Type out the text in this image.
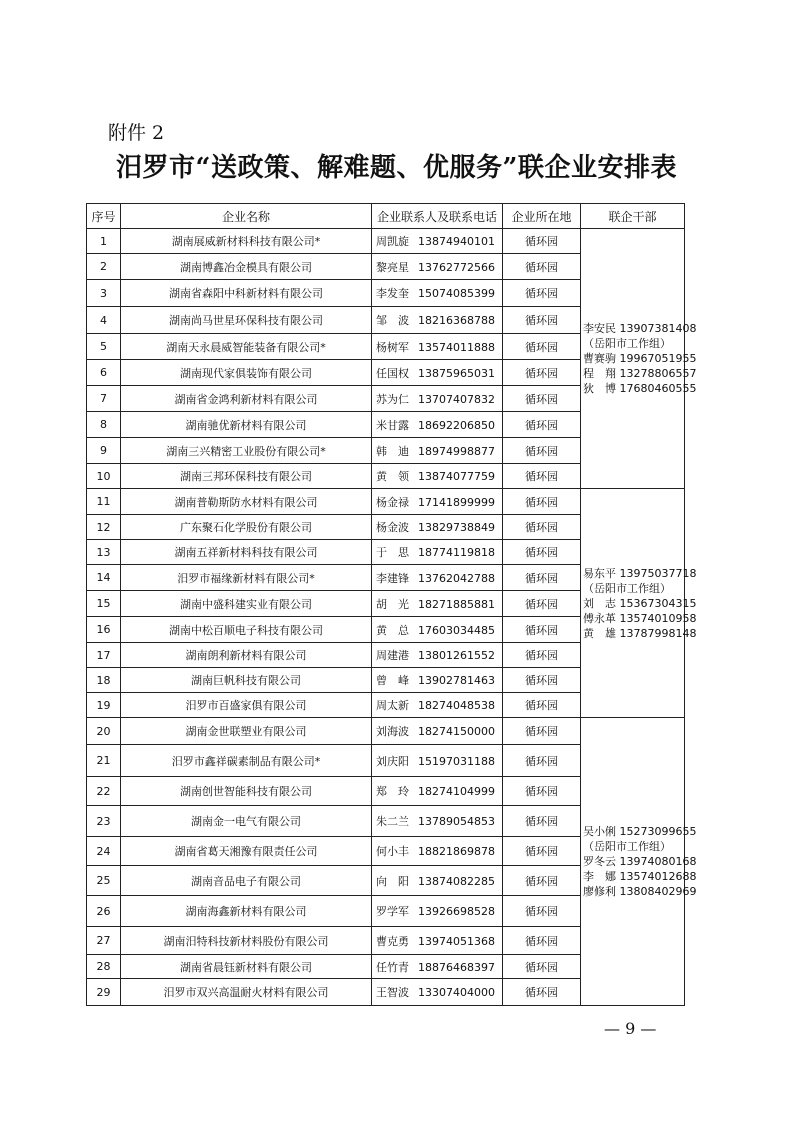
附件 2
汨罗市“送政策、解难题、优服务”联企业安排表
序号	企业名称	企业联系人及联系电话	企业所在地	联企干部
1	湖南展威新材料科技有限公司*	周凯旋 13874940101	循环园	李安民 13907381408
（岳阳市工作组）
曹赛驹 19967051955
程　翔 13278806557
狄　博 17680460555

2	湖南博鑫冶金模具有限公司	黎亮星 13762772566	循环园	
3	湖南省森阳中科新材料有限公司	李发奎 15074085399	循环园	
4	湖南尚马世星环保科技有限公司	邹　波 18216368788	循环园	
5	湖南天永晨威智能装备有限公司*	杨树军 13574011888	循环园	
6	湖南现代家俱装饰有限公司	任国权 13875965031	循环园	
7	湖南省金鸿利新材料有限公司	苏为仁 13707407832	循环园	
8	湖南驰优新材料有限公司	米甘露 18692206850	循环园	
9	湖南三兴精密工业股份有限公司*	韩　迪 18974998877	循环园	
10	湖南三邦环保科技有限公司	黄　领 13874077759	循环园	
11	湖南普勒斯防水材料有限公司	杨金禄 17141899999	循环园	易东平 13975037718
（岳阳市工作组）
刘　志 15367304315
傅永革 13574010958
黄　雄 13787998148

12	广东聚石化学股份有限公司	杨金波 13829738849	循环园	
13	湖南五祥新材料科技有限公司	于　思 18774119818	循环园	
14	汨罗市福缘新材料有限公司*	李建锋 13762042788	循环园	
15	湖南中盛科建实业有限公司	胡　光 18271885881	循环园	
16	湖南中松百顺电子科技有限公司	黄　总 17603034485	循环园	
17	湖南朗利新材料有限公司	周建港 13801261552	循环园	
18	湖南巨帆科技有限公司	曾　峰 13902781463	循环园	
19	汨罗市百盛家俱有限公司	周太新 18274048538	循环园	
20	湖南金世联塑业有限公司	刘海波 18274150000	循环园	吴小俐 15273099655
（岳阳市工作组）
罗冬云 13974080168
李　娜 13574012688
廖修利 13808402969

21	汨罗市鑫祥碳素制品有限公司*	刘庆阳 15197031188	循环园	
22	湖南创世智能科技有限公司	郑　玲 18274104999	循环园	
23	湖南金一电气有限公司	朱二兰 13789054853	循环园	
24	湖南省葛天湘豫有限责任公司	何小丰 18821869878	循环园	
25	湖南音品电子有限公司	向　阳 13874082285	循环园	
26	湖南海鑫新材料有限公司	罗学军 13926698528	循环园	
27	湖南汨特科技新材料股份有限公司	曹克勇 13974051368	循环园	
28	湖南省晨钰新材料有限公司	任竹青 18876468397	循环园	
29	汨罗市双兴高温耐火材料有限公司	王智波 13307404000	循环园	
— 9 —
